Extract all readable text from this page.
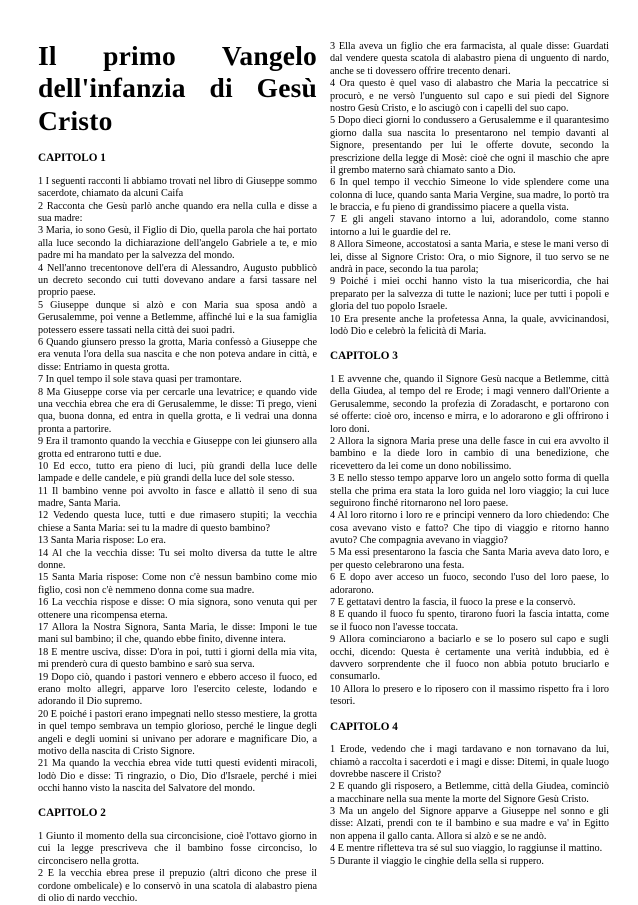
Il primo Vangelo dell'infanzia di Gesù Cristo
CAPITOLO 1

1 I seguenti racconti li abbiamo trovati nel libro di Giuseppe sommo sacerdote, chiamato da alcuni Caifa

2 Racconta che Gesù parlò anche quando era nella culla e disse a sua madre:

3 Maria, io sono Gesù, il Figlio di Dio, quella parola che hai portato alla luce secondo la dichiarazione dell'angelo Gabriele a te, e mio padre mi ha mandato per la salvezza del mondo.

4 Nell'anno trecentonove dell'era di Alessandro, Augusto pubblicò un decreto secondo cui tutti dovevano andare a farsi tassare nel proprio paese.

5 Giuseppe dunque si alzò e con Maria sua sposa andò a Gerusalemme, poi venne a Betlemme, affinché lui e la sua famiglia potessero essere tassati nella città dei suoi padri.

6 Quando giunsero presso la grotta, Maria confessò a Giuseppe che era venuta l'ora della sua nascita e che non poteva andare in città, e disse: Entriamo in questa grotta.

7 In quel tempo il sole stava quasi per tramontare.

8 Ma Giuseppe corse via per cercarle una levatrice; e quando vide una vecchia ebrea che era di Gerusalemme, le disse: Ti prego, vieni qua, buona donna, ed entra in quella grotta, e lì vedrai una donna pronta a partorire.

9 Era il tramonto quando la vecchia e Giuseppe con lei giunsero alla grotta ed entrarono tutti e due.

10 Ed ecco, tutto era pieno di luci, più grandi della luce delle lampade e delle candele, e più grandi della luce del sole stesso.

11 Il bambino venne poi avvolto in fasce e allattò il seno di sua madre, Santa Maria.

12 Vedendo questa luce, tutti e due rimasero stupiti; la vecchia chiese a Santa Maria: sei tu la madre di questo bambino?

13 Santa Maria rispose: Lo era.

14 Al che la vecchia disse: Tu sei molto diversa da tutte le altre donne.

15 Santa Maria rispose: Come non c'è nessun bambino come mio figlio, così non c'è nemmeno donna come sua madre.

16 La vecchia rispose e disse: O mia signora, sono venuta qui per ottenere una ricompensa eterna.

17 Allora la Nostra Signora, Santa Maria, le disse: Imponi le tue mani sul bambino; il che, quando ebbe finito, divenne intera.

18 E mentre usciva, disse: D'ora in poi, tutti i giorni della mia vita, mi prenderò cura di questo bambino e sarò sua serva.

19 Dopo ciò, quando i pastori vennero e ebbero acceso il fuoco, ed erano molto allegri, apparve loro l'esercito celeste, lodando e adorando il Dio supremo.

20 E poiché i pastori erano impegnati nello stesso mestiere, la grotta in quel tempo sembrava un tempio glorioso, perché le lingue degli angeli e degli uomini si univano per adorare e magnificare Dio, a motivo della nascita di Cristo Signore.

21 Ma quando la vecchia ebrea vide tutti questi evidenti miracoli, lodò Dio e disse: Ti ringrazio, o Dio, Dio d'Israele, perché i miei occhi hanno visto la nascita del Salvatore del mondo.

CAPITOLO 2

1 Giunto il momento della sua circoncisione, cioè l'ottavo giorno in cui la legge prescriveva che il bambino fosse circonciso, lo circoncisero nella grotta.

2 E la vecchia ebrea prese il prepuzio (altri dicono che prese il cordone ombelicale) e lo conservò in una scatola di alabastro piena di olio di nardo vecchio.

3 Ella aveva un figlio che era farmacista, al quale disse: Guardati dal vendere questa scatola di alabastro piena di unguento di nardo, anche se ti dovessero offrire trecento denari.

4 Ora questo è quel vaso di alabastro che Maria la peccatrice si procurò, e ne versò l'unguento sul capo e sui piedi del Signore nostro Gesù Cristo, e lo asciugò con i capelli del suo capo.

5 Dopo dieci giorni lo condussero a Gerusalemme e il quarantesimo giorno dalla sua nascita lo presentarono nel tempio davanti al Signore, presentando per lui le offerte dovute, secondo la prescrizione della legge di Mosè: cioè che ogni il maschio che apre il grembo materno sarà chiamato santo a Dio.

6 In quel tempo il vecchio Simeone lo vide splendere come una colonna di luce, quando santa Maria Vergine, sua madre, lo portò tra le braccia, e fu pieno di grandissimo piacere a quella vista.

7 E gli angeli stavano intorno a lui, adorandolo, come stanno intorno a lui le guardie del re.

8 Allora Simeone, accostatosi a santa Maria, e stese le mani verso di lei, disse al Signore Cristo: Ora, o mio Signore, il tuo servo se ne andrà in pace, secondo la tua parola;

9 Poiché i miei occhi hanno visto la tua misericordia, che hai preparato per la salvezza di tutte le nazioni; luce per tutti i popoli e gloria del tuo popolo Israele.

10 Era presente anche la profetessa Anna, la quale, avvicinandosi, lodò Dio e celebrò la felicità di Maria.

CAPITOLO 3

1 E avvenne che, quando il Signore Gesù nacque a Betlemme, città della Giudea, al tempo del re Erode; i magi vennero dall'Oriente a Gerusalemme, secondo la profezia di Zoradascht, e portarono con sé offerte: cioè oro, incenso e mirra, e lo adorarono e gli offrirono i loro doni.

2 Allora la signora Maria prese una delle fasce in cui era avvolto il bambino e la diede loro in cambio di una benedizione, che ricevettero da lei come un dono nobilissimo.

3 E nello stesso tempo apparve loro un angelo sotto forma di quella stella che prima era stata la loro guida nel loro viaggio; la cui luce seguirono finché ritornarono nel loro paese.

4 Al loro ritorno i loro re e principi vennero da loro chiedendo: Che cosa avevano visto e fatto? Che tipo di viaggio e ritorno hanno avuto? Che compagnia avevano in viaggio?

5 Ma essi presentarono la fascia che Santa Maria aveva dato loro, e per questo celebrarono una festa.

6 E dopo aver acceso un fuoco, secondo l'uso del loro paese, lo adorarono.

7 E gettatavi dentro la fascia, il fuoco la prese e la conservò.

8 E quando il fuoco fu spento, tirarono fuori la fascia intatta, come se il fuoco non l'avesse toccata.

9 Allora cominciarono a baciarlo e se lo posero sul capo e sugli occhi, dicendo: Questa è certamente una verità indubbia, ed è davvero sorprendente che il fuoco non abbia potuto bruciarlo e consumarlo.

10 Allora lo presero e lo riposero con il massimo rispetto fra i loro tesori.

CAPITOLO 4

1 Erode, vedendo che i magi tardavano e non tornavano da lui, chiamò a raccolta i sacerdoti e i magi e disse: Ditemi, in quale luogo dovrebbe nascere il Cristo?

2 E quando gli risposero, a Betlemme, città della Giudea, cominciò a macchinare nella sua mente la morte del Signore Gesù Cristo.

3 Ma un angelo del Signore apparve a Giuseppe nel sonno e gli disse: Alzati, prendi con te il bambino e sua madre e va' in Egitto non appena il gallo canta. Allora si alzò e se ne andò.

4 E mentre rifletteva tra sé sul suo viaggio, lo raggiunse il mattino.

5 Durante il viaggio le cinghie della sella si ruppero.
